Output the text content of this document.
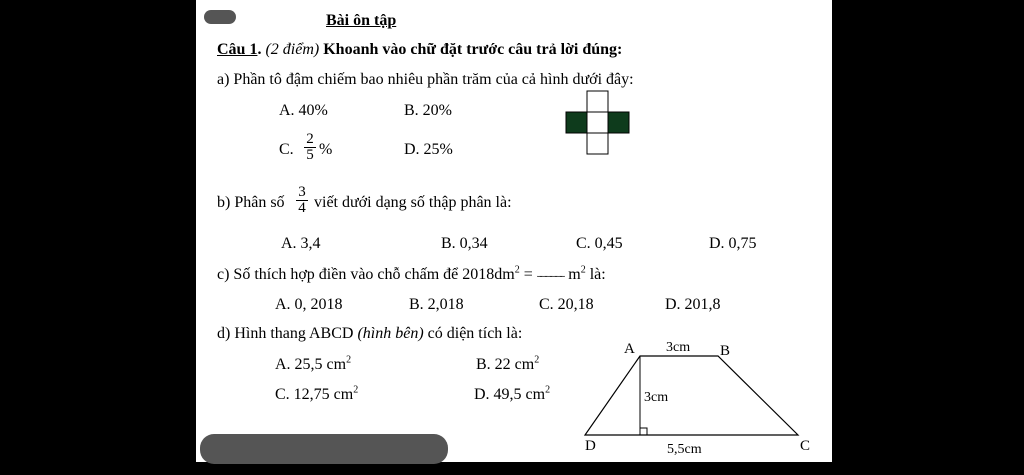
Bài ôn tập
Câu 1. (2 điểm) Khoanh vào chữ đặt trước câu trả lời đúng:
a) Phần tô đậm chiếm bao nhiêu phần trăm của cả hình dưới đây:
A. 40%	B. 20%
C. $\frac{2}{5}$ %	D. 25%
b) Phân số $\frac{3}{4}$ viết dưới dạng số thập phân là:
A. 3,4	B. 0,34	C. 0,45	D. 0,75
c) Số thích hợp điền vào chỗ chấm để $2018dm^2$ = ...................... $m^2$ là:
A. 0, 2018	B. 2,018	C. 20,18	D. 201,8
d) Hình thang ABCD (hình bên) có diện tích là:
A. 25,5 $cm^2$	B. 22 $cm^2$
C. 12,75 $cm^2$	D. 49,5 $cm^2$
A 3cm B
3cm
D	5,5cm	C
